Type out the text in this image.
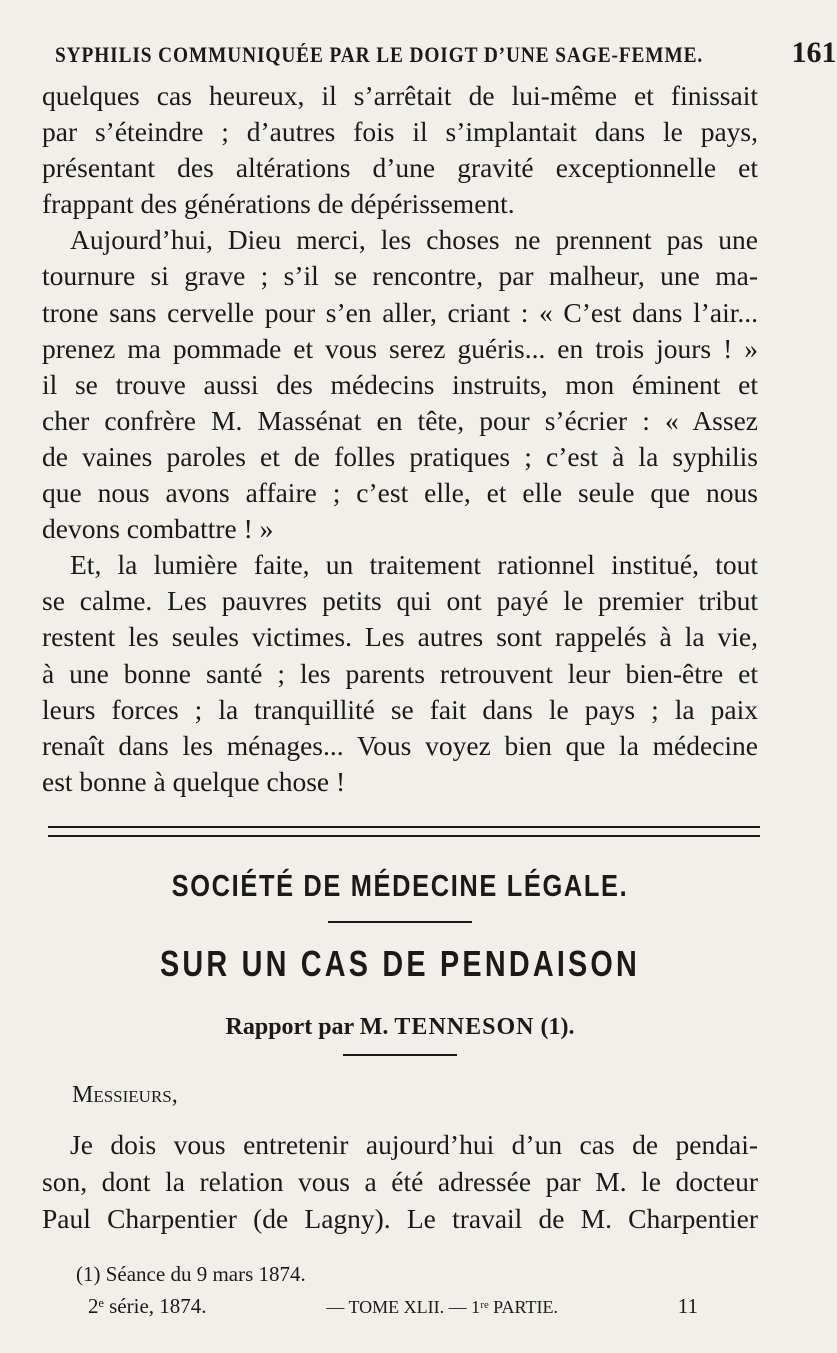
SYPHILIS COMMUNIQUÉE PAR LE DOIGT D’UNE SAGE-FEMME.	161
quelques cas heureux, il s’arrêtait de lui-même et finissait
par s’éteindre ; d’autres fois il s’implantait dans le pays,
présentant des altérations d’une gravité exceptionnelle et
frappant des générations de dépérissement.
Aujourd’hui, Dieu merci, les choses ne prennent pas une
tournure si grave ; s’il se rencontre, par malheur, une ma-
trone sans cervelle pour s’en aller, criant : « C’est dans l’air...
prenez ma pommade et vous serez guéris... en trois jours ! »
il se trouve aussi des médecins instruits, mon éminent et
cher confrère M. Massénat en tête, pour s’écrier : « Assez
de vaines paroles et de folles pratiques ; c’est à la syphilis
que nous avons affaire ; c’est elle, et elle seule que nous
devons combattre ! »
Et, la lumière faite, un traitement rationnel institué, tout
se calme. Les pauvres petits qui ont payé le premier tribut
restent les seules victimes. Les autres sont rappelés à la vie,
à une bonne santé ; les parents retrouvent leur bien-être et
leurs forces ; la tranquillité se fait dans le pays ; la paix
renaît dans les ménages... Vous voyez bien que la médecine
est bonne à quelque chose !
SOCIÉTÉ DE MÉDECINE LÉGALE.
SUR UN CAS DE PENDAISON
Rapport par M. TENNESON (1).
Messieurs,
Je dois vous entretenir aujourd’hui d’un cas de pendai-
son, dont la relation vous a été adressée par M. le docteur
Paul Charpentier (de Lagny). Le travail de M. Charpentier
(1) Séance du 9 mars 1874.
2ᵉ série, 1874.	— TOME XLII. — 1ʳᵉ PARTIE.	11
